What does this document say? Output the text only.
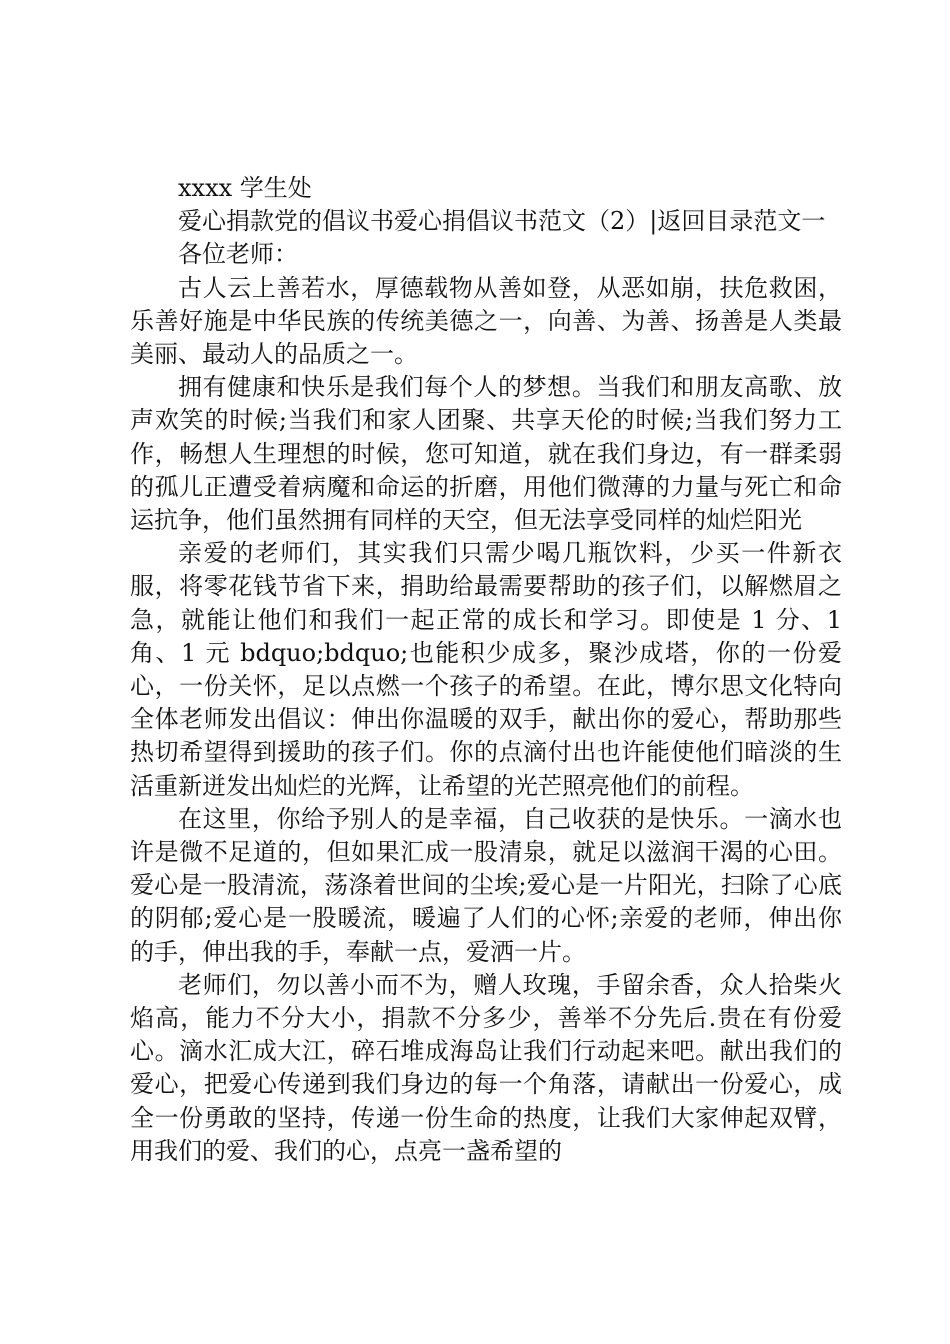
xxxx 学生处

爱心捐款党的倡议书爱心捐倡议书范文（2）|返回目录范文一

各位老师：

古人云上善若水，厚德载物从善如登，从恶如崩，扶危救困，乐善好施是中华民族的传统美德之一，向善、为善、扬善是人类最美丽、最动人的品质之一。

拥有健康和快乐是我们每个人的梦想。当我们和朋友高歌、放声欢笑的时候;当我们和家人团聚、共享天伦的时候;当我们努力工作，畅想人生理想的时候，您可知道，就在我们身边，有一群柔弱的孤儿正遭受着病魔和命运的折磨，用他们微薄的力量与死亡和命运抗争，他们虽然拥有同样的天空，但无法享受同样的灿烂阳光

亲爱的老师们，其实我们只需少喝几瓶饮料，少买一件新衣服，将零花钱节省下来，捐助给最需要帮助的孩子们，以解燃眉之急，就能让他们和我们一起正常的成长和学习。即使是 1 分、1 角、1 元 bdquo;bdquo;也能积少成多，聚沙成塔，你的一份爱心，一份关怀，足以点燃一个孩子的希望。在此，博尔思文化特向全体老师发出倡议：伸出你温暖的双手，献出你的爱心，帮助那些热切希望得到援助的孩子们。你的点滴付出也许能使他们暗淡的生活重新迸发出灿烂的光辉，让希望的光芒照亮他们的前程。

在这里，你给予别人的是幸福，自己收获的是快乐。一滴水也许是微不足道的，但如果汇成一股清泉，就足以滋润干渴的心田。爱心是一股清流，荡涤着世间的尘埃;爱心是一片阳光，扫除了心底的阴郁;爱心是一股暖流，暖遍了人们的心怀;亲爱的老师，伸出你的手，伸出我的手，奉献一点，爱洒一片。

老师们，勿以善小而不为，赠人玫瑰，手留余香，众人拾柴火焰高，能力不分大小，捐款不分多少，善举不分先后.贵在有份爱心。滴水汇成大江，碎石堆成海岛让我们行动起来吧。献出我们的爱心，把爱心传递到我们身边的每一个角落，请献出一份爱心，成全一份勇敢的坚持，传递一份生命的热度，让我们大家伸起双臂，用我们的爱、我们的心，点亮一盏希望的
